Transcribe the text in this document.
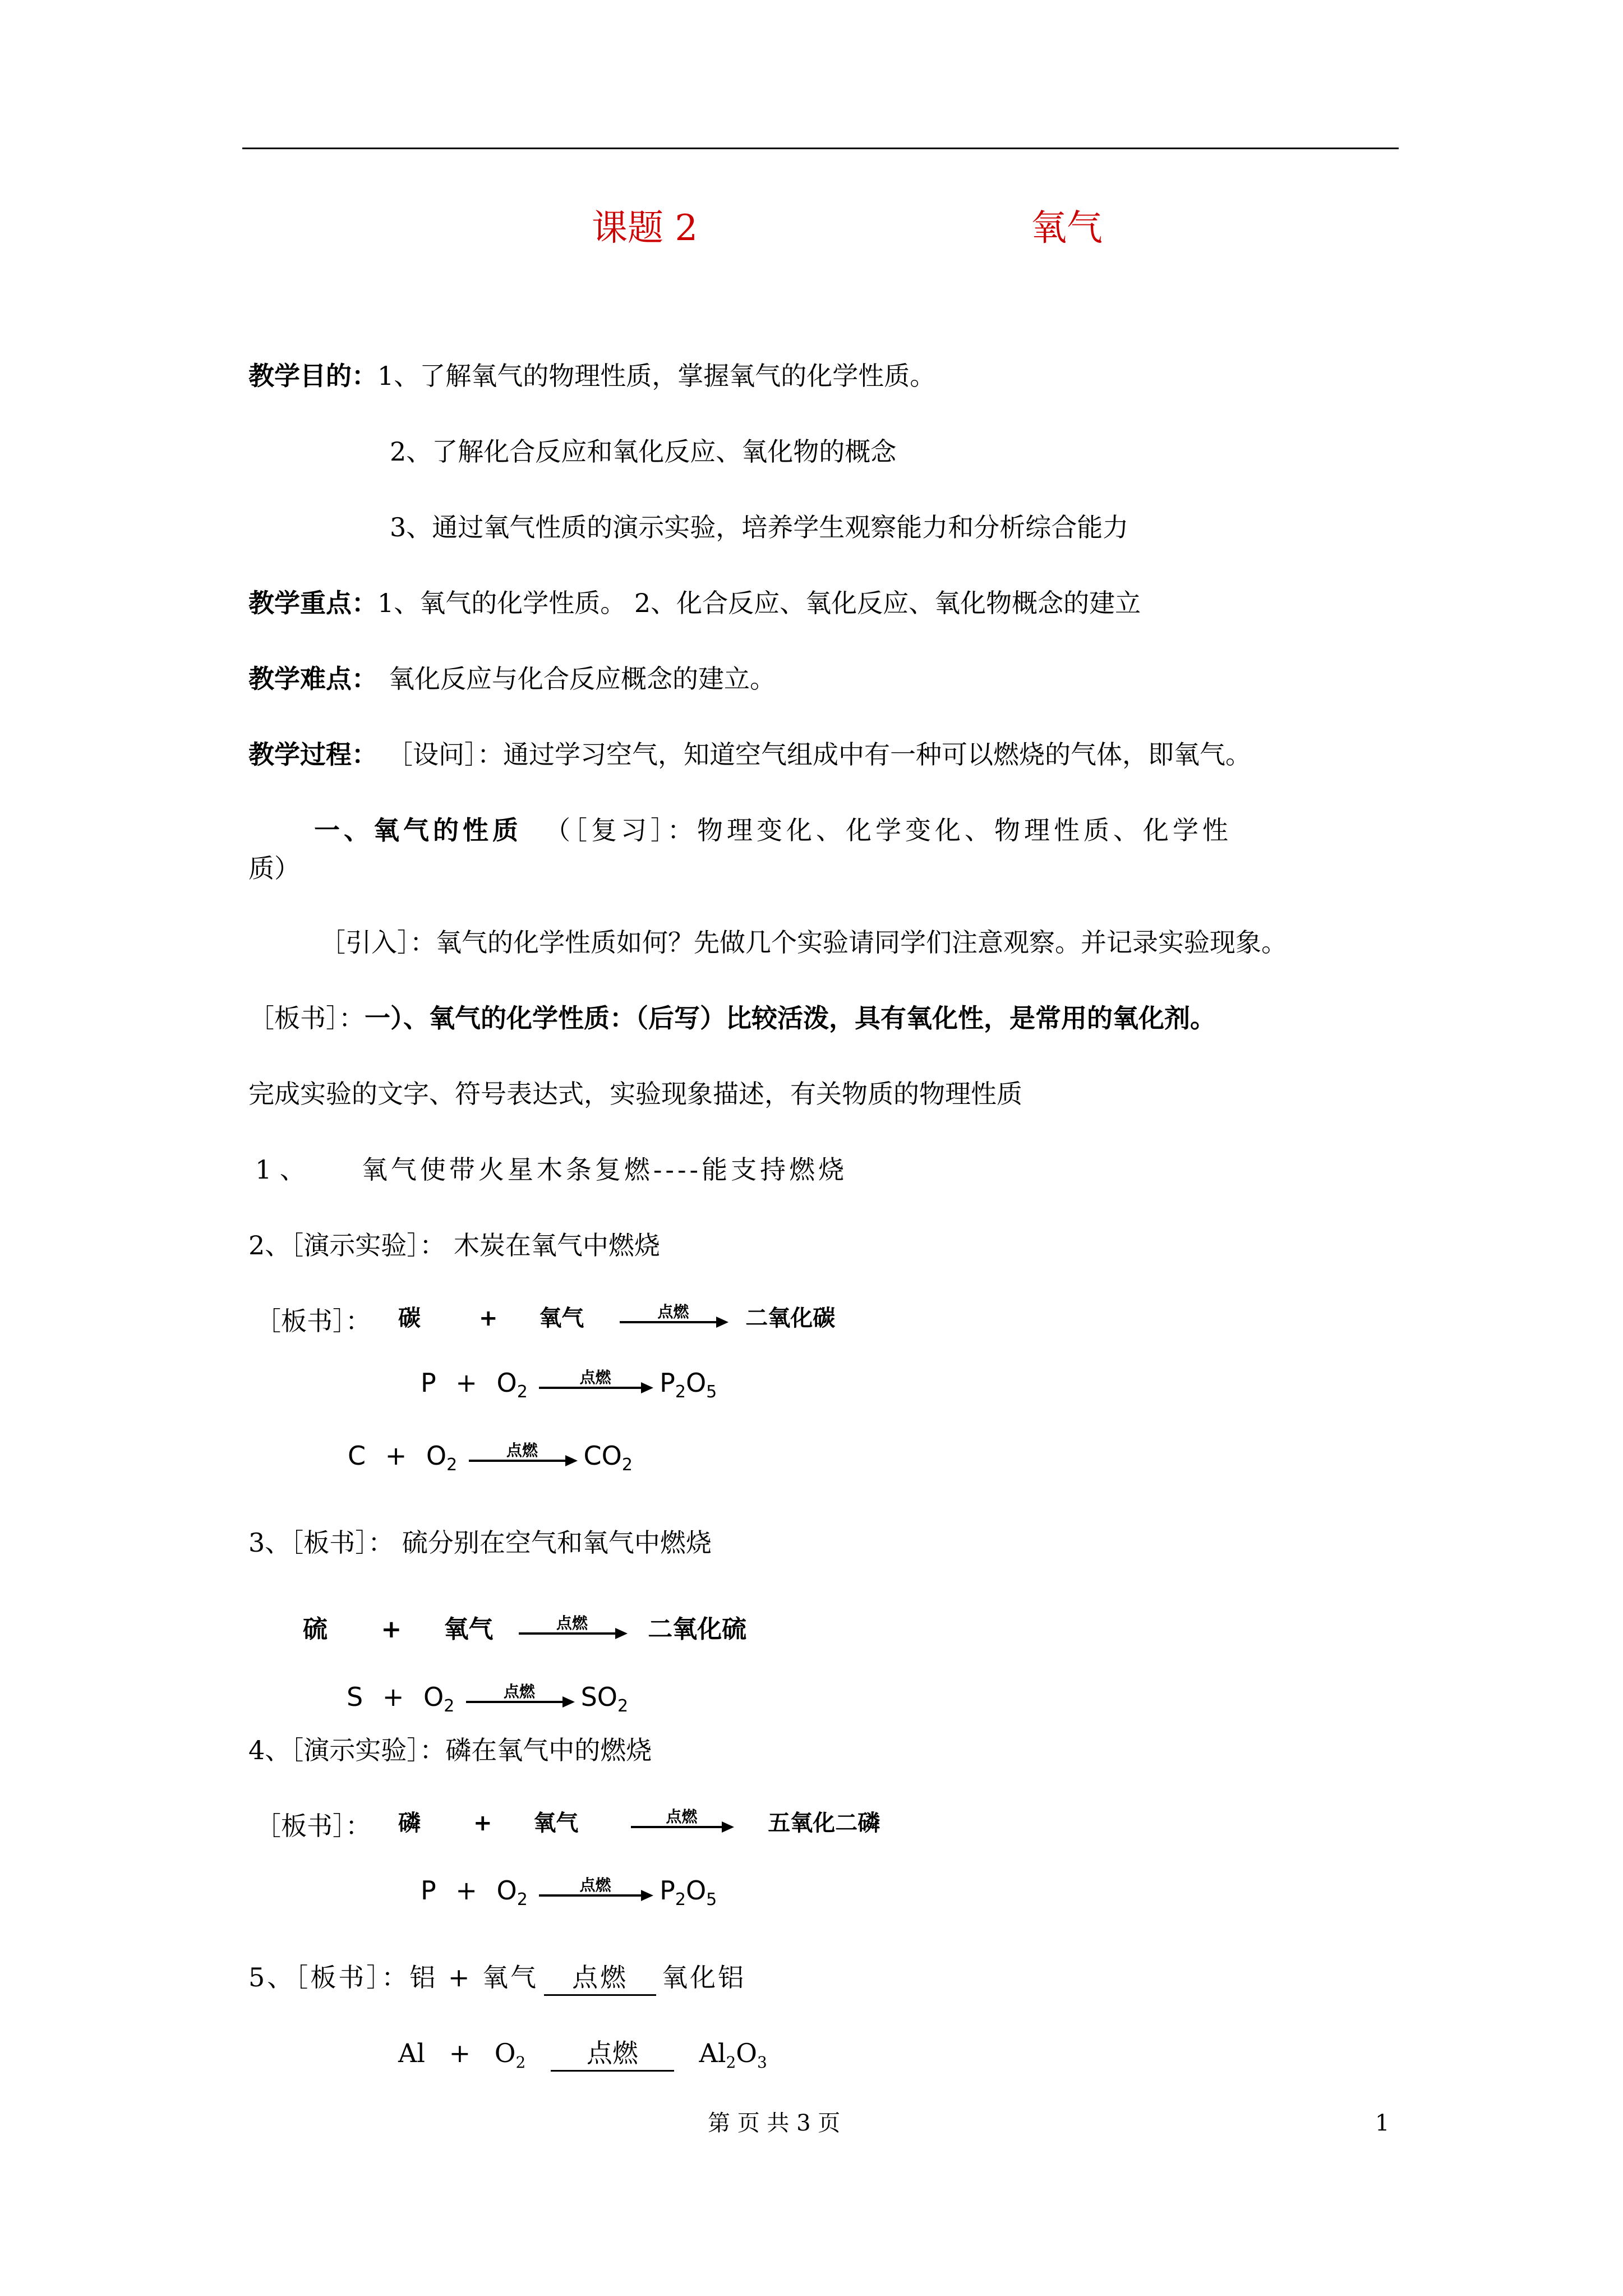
课题 2	氧气
教学目的：1、了解氧气的物理性质，掌握氧气的化学性质。
2、了解化合反应和氧化反应、氧化物的概念
3、通过氧气性质的演示实验，培养学生观察能力和分析综合能力
教学重点：1、氧气的化学性质。 2、化合反应、氧化反应、氧化物概念的建立
教学难点： 氧化反应与化合反应概念的建立。
教学过程： ［设问］：通过学习空气，知道空气组成中有一种可以燃烧的气体，即氧气。
一、氧气的性质 （［复习］：物理变化、化学变化、物理性质、化学性
质）
［引入］：氧气的化学性质如何？先做几个实验请同学们注意观察。并记录实验现象。
［板书］：一）、氧气的化学性质：（后写）比较活泼，具有氧化性，是常用的氧化剂。
完成实验的文字、符号表达式，实验现象描述，有关物质的物理性质
1 、 氧气使带火星木条复燃----能支持燃烧
2、［演示实验］： 木炭在氧气中燃烧
［板书］： 碳	+ 氧气	点燃	二氧化碳
$P + O_2$
点燃	$P_2O_5$
$C + O_2$
点燃	$CO_2$
3、［板书］： 硫分别在空气和氧气中燃烧
硫 + 氧气	点燃	二氧化硫
$S + O_2$
点燃	$SO_2$
4、［演示实验］：磷在氧气中的燃烧
［板书］： 磷 + 氧气	点燃	五氧化二磷
$P + O_2$
点燃	$P_2O_5$
5、［板书］：铝 + 氧气 点燃 氧化铝
$Al + O_2$ 点燃 $Al_2O_3$
第 页 共 3 页	1
